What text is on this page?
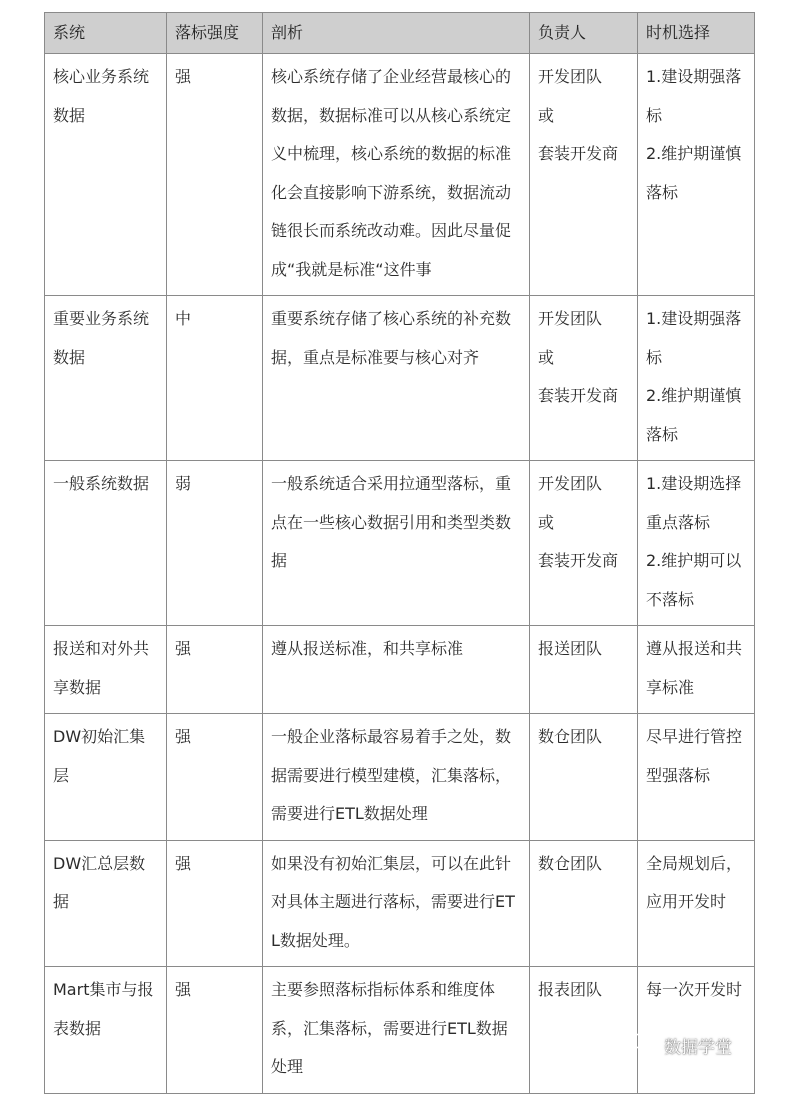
系统	落标强度	剖析	负责人	时机选择
核心业务系统数据	强	核心系统存储了企业经营最核心的数据，数据标准可以从核心系统定义中梳理，核心系统的数据的标准化会直接影响下游系统，数据流动链很长而系统改动难。因此尽量促成“我就是标准“这件事	开发团队
或
套装开发商	1.建设期强落标
2.维护期谨慎落标

重要业务系统数据	中	重要系统存储了核心系统的补充数据，重点是标准要与核心对齐	开发团队
或
套装开发商	1.建设期强落标
2.维护期谨慎落标

一般系统数据	弱	一般系统适合采用拉通型落标，重点在一些核心数据引用和类型类数据	开发团队
或
套装开发商	1.建设期选择重点落标
2.维护期可以不落标

报送和对外共享数据	强	遵从报送标准，和共享标准	报送团队	遵从报送和共享标准

DW初始汇集层	强	一般企业落标最容易着手之处，数据需要进行模型建模，汇集落标，需要进行ETL数据处理	数仓团队	尽早进行管控型强落标

DW汇总层数据	强	如果没有初始汇集层，可以在此针对具体主题进行落标，需要进行ETL数据处理。	数仓团队	全局规划后，应用开发时

Mart集市与报表数据	强	主要参照落标指标体系和维度体系，汇集落标，需要进行ETL数据处理	报表团队	每一次开发时
数据学堂
